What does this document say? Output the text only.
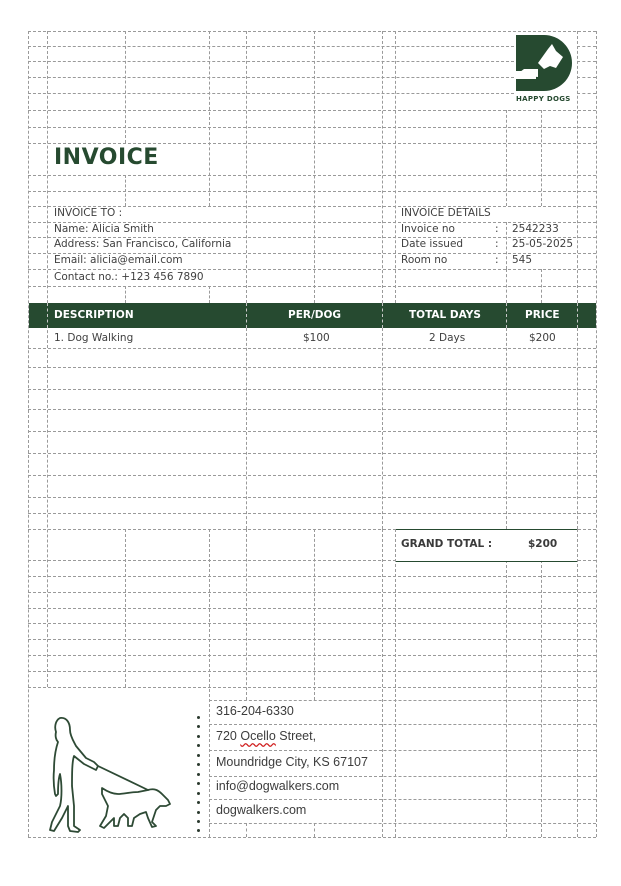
HAPPY DOGS
INVOICE
INVOICE TO :
Name: Alicia Smith
Address: San Francisco, California
Email: alicia@email.com
Contact no.: +123 456 7890
INVOICE DETAILS
Invoice no	: 2542233
Date issued	: 25-05-2025
Room no	: 545
DESCRIPTION	PER/DOG	TOTAL DAYS	PRICE
1. Dog Walking	$100	2 Days	$200
GRAND TOTAL :	$200
316-204-6330
720 Ocello Street,
Moundridge City, KS 67107
info@dogwalkers.com
dogwalkers.com
